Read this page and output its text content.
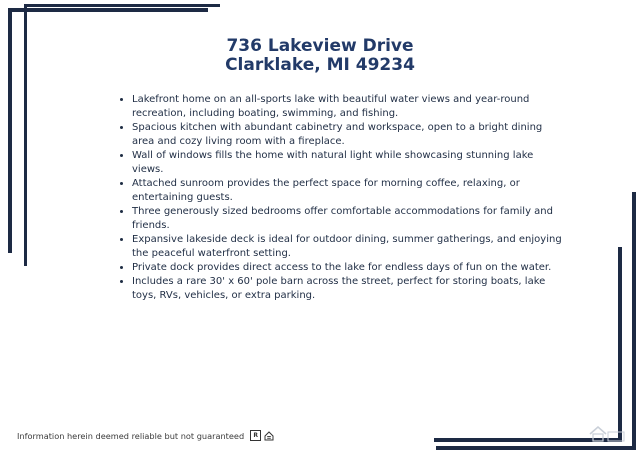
736 Lakeview Drive
Clarklake, MI 49234
• Lakefront home on an all-sports lake with beautiful water views and year-round recreation, including boating, swimming, and fishing.
• Spacious kitchen with abundant cabinetry and workspace, open to a bright dining area and cozy living room with a fireplace.
• Wall of windows fills the home with natural light while showcasing stunning lake views.
• Attached sunroom provides the perfect space for morning coffee, relaxing, or entertaining guests.
• Three generously sized bedrooms offer comfortable accommodations for family and friends.
• Expansive lakeside deck is ideal for outdoor dining, summer gatherings, and enjoying the peaceful waterfront setting.
• Private dock provides direct access to the lake for endless days of fun on the water.
• Includes a rare 30' x 60' pole barn across the street, perfect for storing boats, lake toys, RVs, vehicles, or extra parking.
Information herein deemed reliable but not guaranteed	R
